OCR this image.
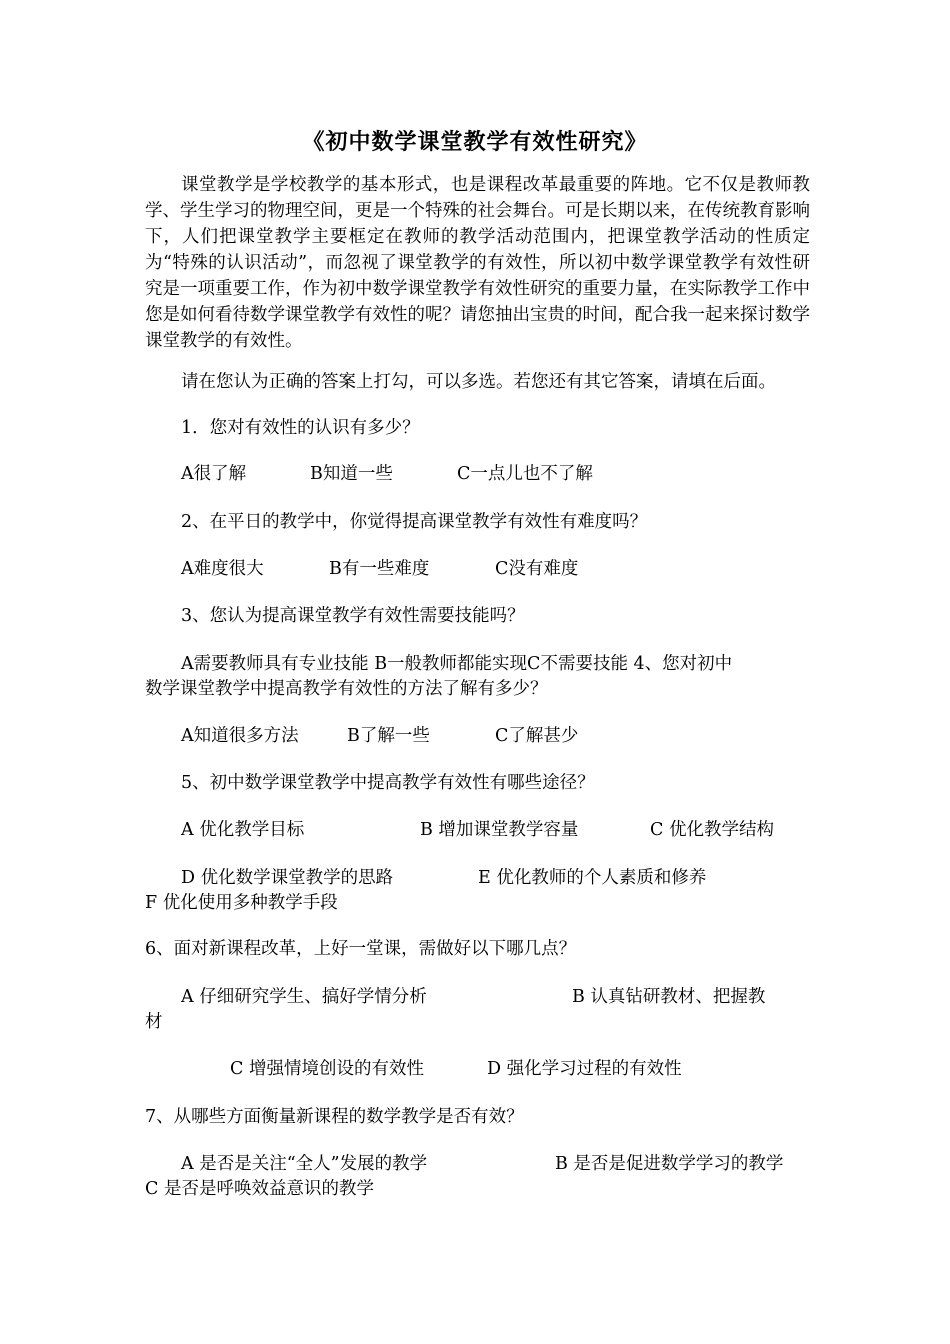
《初中数学课堂教学有效性研究》
课堂教学是学校教学的基本形式，也是课程改革最重要的阵地。它不仅是教师教学、学生学习的物理空间，更是一个特殊的社会舞台。可是长期以来，在传统教育影响下，人们把课堂教学主要框定在教师的教学活动范围内，把课堂教学活动的性质定为“特殊的认识活动”，而忽视了课堂教学的有效性，所以初中数学课堂教学有效性研究是一项重要工作，作为初中数学课堂教学有效性研究的重要力量，在实际教学工作中您是如何看待数学课堂教学有效性的呢？请您抽出宝贵的时间，配合我一起来探讨数学课堂教学的有效性。
请在您认为正确的答案上打勾，可以多选。若您还有其它答案，请填在后面。
1．您对有效性的认识有多少？
A很了解	B知道一些	C一点儿也不了解
2、在平日的教学中，你觉得提高课堂教学有效性有难度吗？
A难度很大	B有一些难度	C没有难度
3、您认为提高课堂教学有效性需要技能吗？
A需要教师具有专业技能 B一般教师都能实现C不需要技能 4、您对初中
数学课堂教学中提高教学有效性的方法了解有多少？
A知道很多方法	B了解一些	C了解甚少
5、初中数学课堂教学中提高教学有效性有哪些途径？
A 优化教学目标	B 增加课堂教学容量	C 优化教学结构
D 优化数学课堂教学的思路	E 优化教师的个人素质和修养
F 优化使用多种教学手段
6、面对新课程改革，上好一堂课，需做好以下哪几点？
A 仔细研究学生、搞好学情分析	B 认真钻研教材、把握教
材
C 增强情境创设的有效性	D 强化学习过程的有效性
7、从哪些方面衡量新课程的数学教学是否有效？
A 是否是关注“全人”发展的教学	B 是否是促进数学学习的教学
C 是否是呼唤效益意识的教学
